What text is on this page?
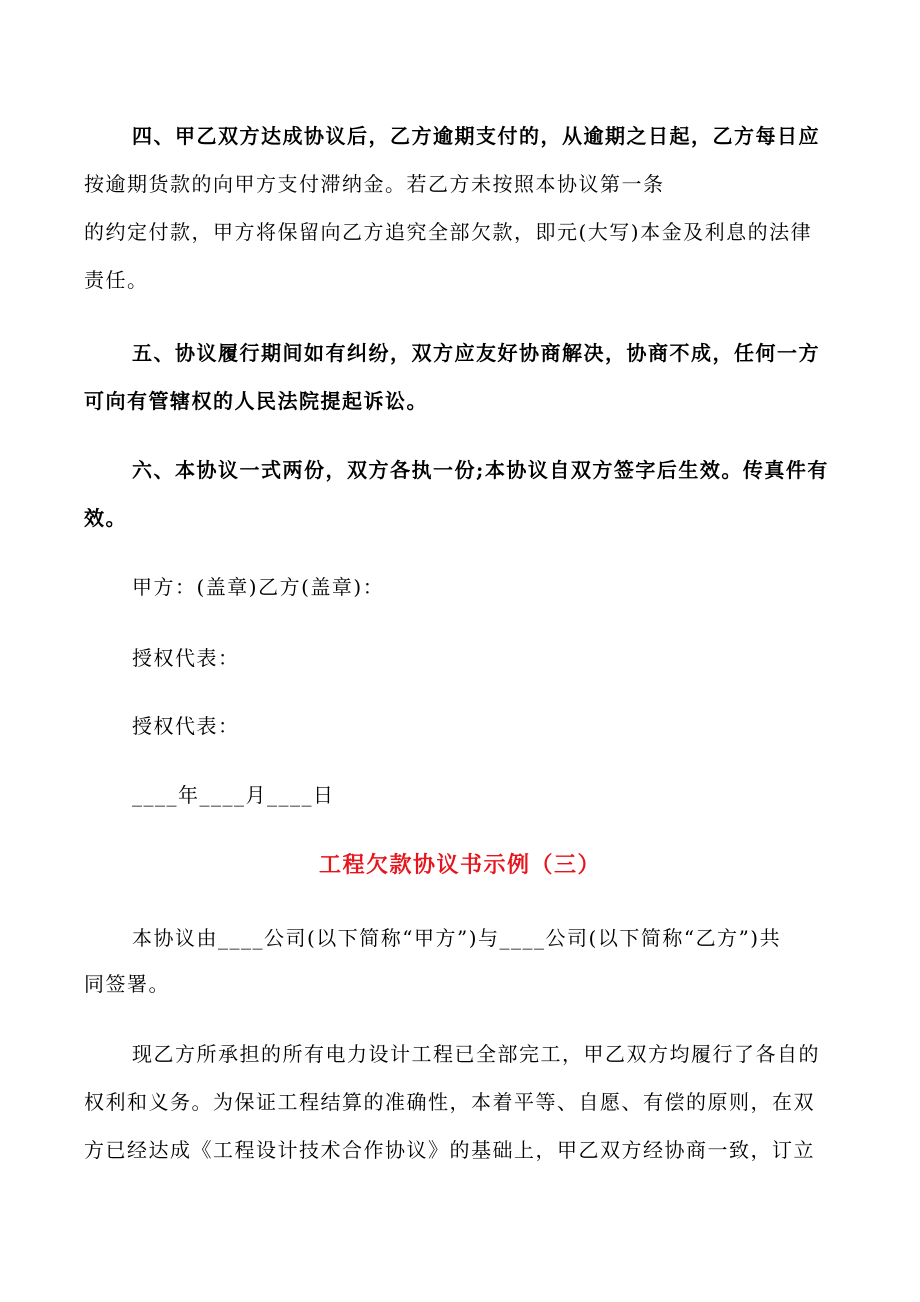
四、甲乙双方达成协议后，乙方逾期支付的，从逾期之日起，乙方每日应
按逾期货款的向甲方支付滞纳金。若乙方未按照本协议第一条
的约定付款，甲方将保留向乙方追究全部欠款，即元(大写)本金及利息的法律
责任。
五、协议履行期间如有纠纷，双方应友好协商解决，协商不成，任何一方
可向有管辖权的人民法院提起诉讼。
六、本协议一式两份，双方各执一份;本协议自双方签字后生效。传真件有
效。
甲方：(盖章)乙方(盖章)：
授权代表：
授权代表：
____年____月____日
工程欠款协议书示例（三）
本协议由____公司(以下简称“甲方”)与____公司(以下简称“乙方”)共
同签署。
现乙方所承担的所有电力设计工程已全部完工，甲乙双方均履行了各自的
权利和义务。为保证工程结算的准确性，本着平等、自愿、有偿的原则，在双
方已经达成《工程设计技术合作协议》的基础上，甲乙双方经协商一致，订立
